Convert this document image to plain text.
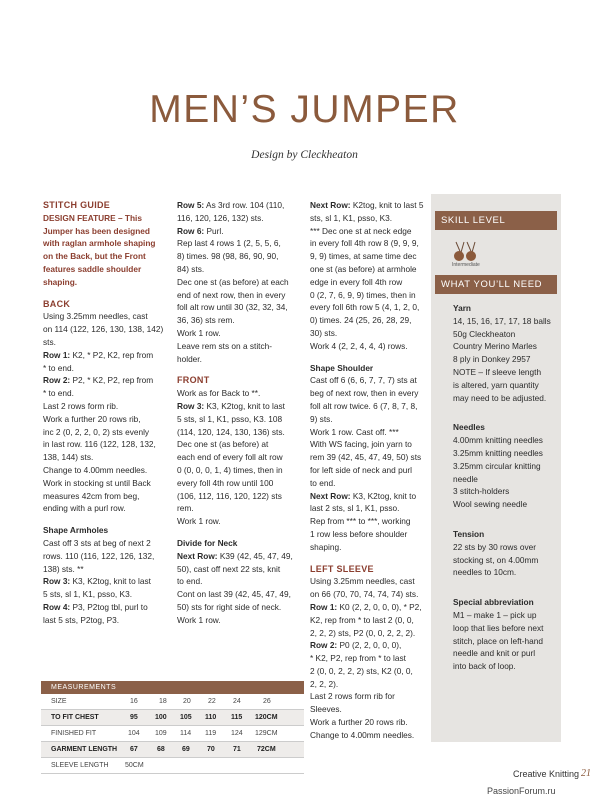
MEN’S JUMPER
Design by Cleckheaton

STITCH GUIDE

DESIGN FEATURE – This

Jumper has been designed

with raglan armhole shaping

on the Back, but the Front

features saddle shoulder

shaping.

BACK

Using 3.25mm needles, cast

on 114 (122, 126, 130, 138, 142)

sts.

Row 1: K2, * P2, K2, rep from

* to end.

Row 2: P2, * K2, P2, rep from

* to end.

Last 2 rows form rib.

Work a further 20 rows rib,

inc 2 (0, 2, 2, 0, 2) sts evenly

in last row. 116 (122, 128, 132,

138, 144) sts.

Change to 4.00mm needles.

Work in stocking st until Back

measures 42cm from beg,

ending with a purl row.

Shape Armholes

Cast off 3 sts at beg of next 2

rows. 110 (116, 122, 126, 132,

138) sts. **

Row 3: K3, K2tog, knit to last

5 sts, sl 1, K1, psso, K3.

Row 4: P3, P2tog tbl, purl to

last 5 sts, P2tog, P3.

Row 5: As 3rd row. 104 (110,

116, 120, 126, 132) sts.

Row 6: Purl.

Rep last 4 rows 1 (2, 5, 5, 6,

8) times. 98 (98, 86, 90, 90,

84) sts.

Dec one st (as before) at each

end of next row, then in every

foll alt row until 30 (32, 32, 34,

36, 36) sts rem.

Work 1 row.

Leave rem sts on a stitch-

holder.

FRONT

Work as for Back to **.

Row 3: K3, K2tog, knit to last

5 sts, sl 1, K1, psso, K3. 108

(114, 120, 124, 130, 136) sts.

Dec one st (as before) at

each end of every foll alt row

0 (0, 0, 0, 1, 4) times, then in

every foll 4th row until 100

(106, 112, 116, 120, 122) sts

rem.

Work 1 row.

Divide for Neck

Next Row: K39 (42, 45, 47, 49,

50), cast off next 22 sts, knit

to end.

Cont on last 39 (42, 45, 47, 49,

50) sts for right side of neck.

Work 1 row.

Next Row: K2tog, knit to last 5

sts, sl 1, K1, psso, K3.

*** Dec one st at neck edge

in every foll 4th row 8 (9, 9, 9,

9, 9) times, at same time dec

one st (as before) at armhole

edge in every foll 4th row

0 (2, 7, 6, 9, 9) times, then in

every foll 6th row 5 (4, 1, 2, 0,

0) times. 24 (25, 26, 28, 29,

30) sts.

Work 4 (2, 2, 4, 4, 4) rows.

Shape Shoulder

Cast off 6 (6, 6, 7, 7, 7) sts at

beg of next row, then in every

foll alt row twice. 6 (7, 8, 7, 8,

9) sts.

Work 1 row. Cast off. ***

With WS facing, join yarn to

rem 39 (42, 45, 47, 49, 50) sts

for left side of neck and purl

to end.

Next Row: K3, K2tog, knit to

last 2 sts, sl 1, K1, psso.

Rep from *** to ***, working

1 row less before shoulder

shaping.

LEFT SLEEVE

Using 3.25mm needles, cast

on 66 (70, 70, 74, 74, 74) sts.

Row 1: K0 (2, 2, 0, 0, 0), * P2,

K2, rep from * to last 2 (0, 0,

2, 2, 2) sts, P2 (0, 0, 2, 2, 2).

Row 2: P0 (2, 2, 0, 0, 0),

* K2, P2, rep from * to last

2 (0, 0, 2, 2, 2) sts, K2 (0, 0,

2, 2, 2).

Last 2 rows form rib for

Sleeves.

Work a further 20 rows rib.

Change to 4.00mm needles.

SKILL LEVEL
Intermediate
WHAT YOU’LL NEED

Yarn

14, 15, 16, 17, 17, 18 balls

50g Cleckheaton

Country Merino Marles

8 ply in Donkey 2957

NOTE – If sleeve length

is altered, yarn quantity

may need to be adjusted.

Needles

4.00mm knitting needles

3.25mm knitting needles

3.25mm circular knitting

needle

3 stitch-holders

Wool sewing needle

Tension

22 sts by 30 rows over

stocking st, on 4.00mm

needles to 10cm.

Special abbreviation

M1 – make 1 – pick up

loop that lies before next

stitch, place on left-hand

needle and knit or purl

into back of loop.

MEASUREMENTS
SIZE	16	18 20 22 24	26
TO FIT CHEST	95 100 105 110 115 120CM
FINISHED FIT	104 109 114 119 124 129CM
GARMENT LENGTH 67	68 69 70	71 72CM
SLEEVE LENGTH 50CM
Creative Knitting 21
PassionForum.ru
